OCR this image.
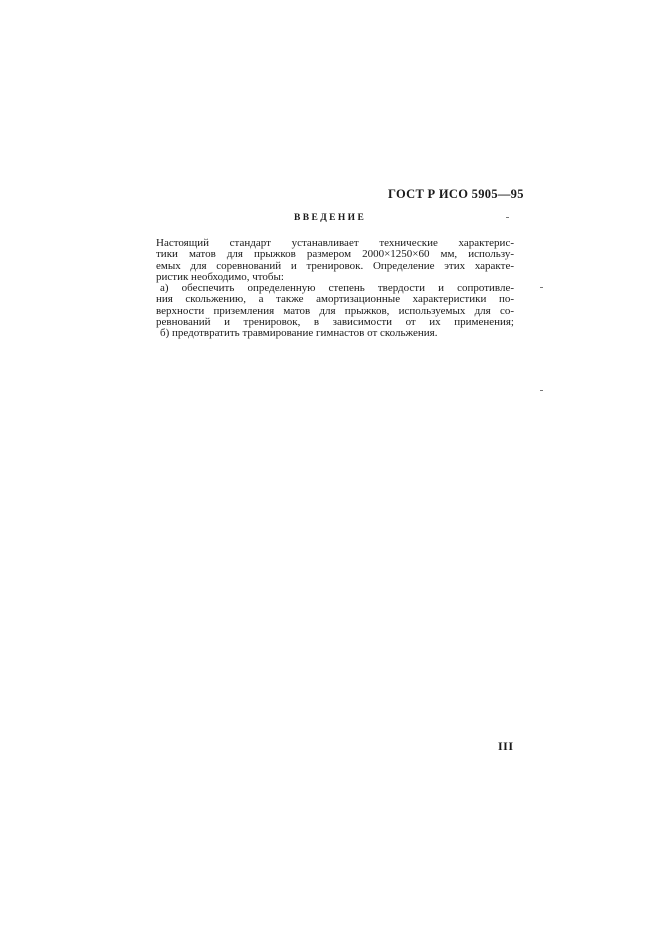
ГОСТ Р ИСО 5905—95
ВВЕДЕНИЕ
Настоящий стандарт устанавливает технические характерис-
тики матов для прыжков размером 2000×1250×60 мм, использу-
емых для соревнований и тренировок. Определение этих характе-
ристик необходимо, чтобы:
а) обеспечить определенную степень твердости и сопротивле-
ния скольжению, а также амортизационные характеристики по-
верхности приземления матов для прыжков, используемых для со-
ревнований и тренировок, в зависимости от их применения;
б) предотвратить травмирование гимнастов от скольжения.
III
